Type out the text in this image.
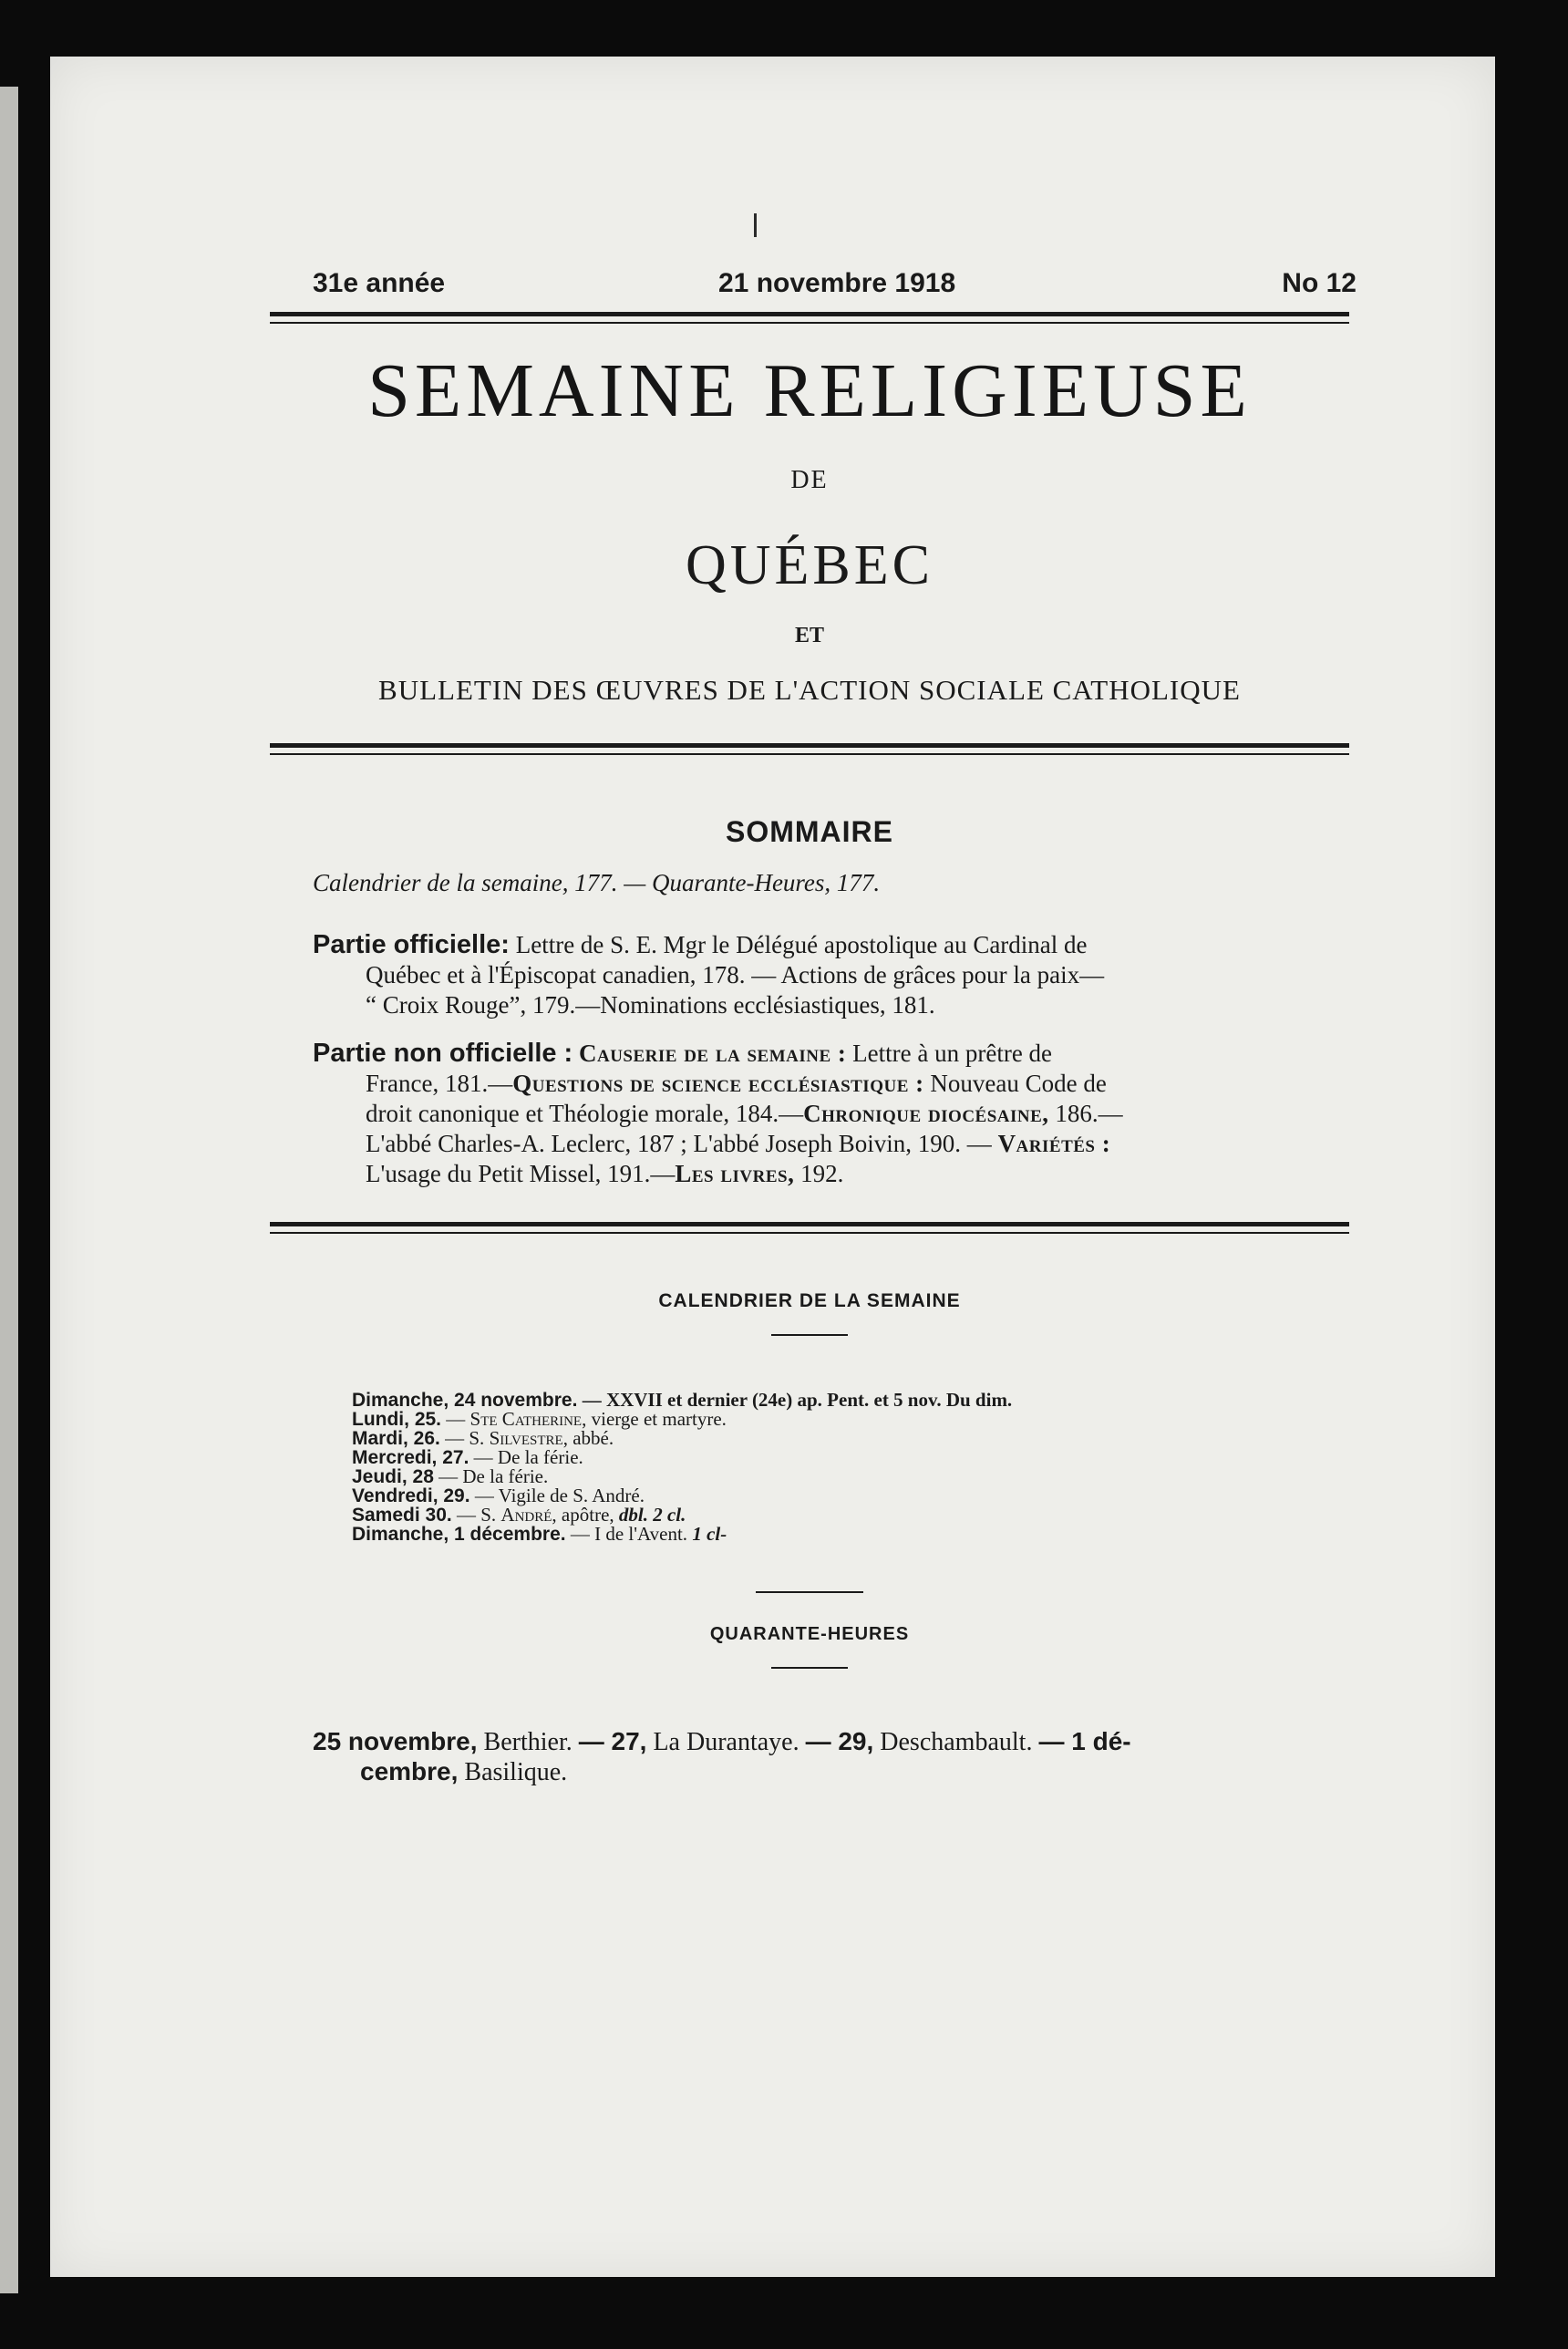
31e année	21 novembre 1918	No 12
SEMAINE RELIGIEUSE
DE
QUÉBEC
ET
BULLETIN DES ŒUVRES DE L'ACTION SOCIALE CATHOLIQUE
SOMMAIRE
Calendrier de la semaine, 177. — Quarante-Heures, 177.
Partie officielle: Lettre de S. E. Mgr le Délégué apostolique au Cardinal de
Québec et à l'Épiscopat canadien, 178. — Actions de grâces pour la paix—
“ Croix Rouge”, 179.—Nominations ecclésiastiques, 181.
Partie non officielle : Causerie de la semaine : Lettre à un prêtre de
France, 181.—Questions de science ecclésiastique : Nouveau Code de
droit canonique et Théologie morale, 184.—Chronique diocésaine, 186.—
L'abbé Charles-A. Leclerc, 187 ; L'abbé Joseph Boivin, 190. — Variétés :
L'usage du Petit Missel, 191.—Les livres, 192.
CALENDRIER DE LA SEMAINE
Dimanche, 24 novembre. — XXVII et dernier (24e) ap. Pent. et 5 nov. Du dim.
Lundi, 25. — Ste Catherine, vierge et martyre.
Mardi, 26. — S. Silvestre, abbé.
Mercredi, 27. — De la férie.
Jeudi, 28 — De la férie.
Vendredi, 29. — Vigile de S. André.
Samedi 30. — S. André, apôtre, dbl. 2 cl.
Dimanche, 1 décembre. — I de l'Avent. 1 cl-
QUARANTE-HEURES
25 novembre, Berthier. — 27, La Durantaye. — 29, Deschambault. — 1 dé-
cembre, Basilique.
